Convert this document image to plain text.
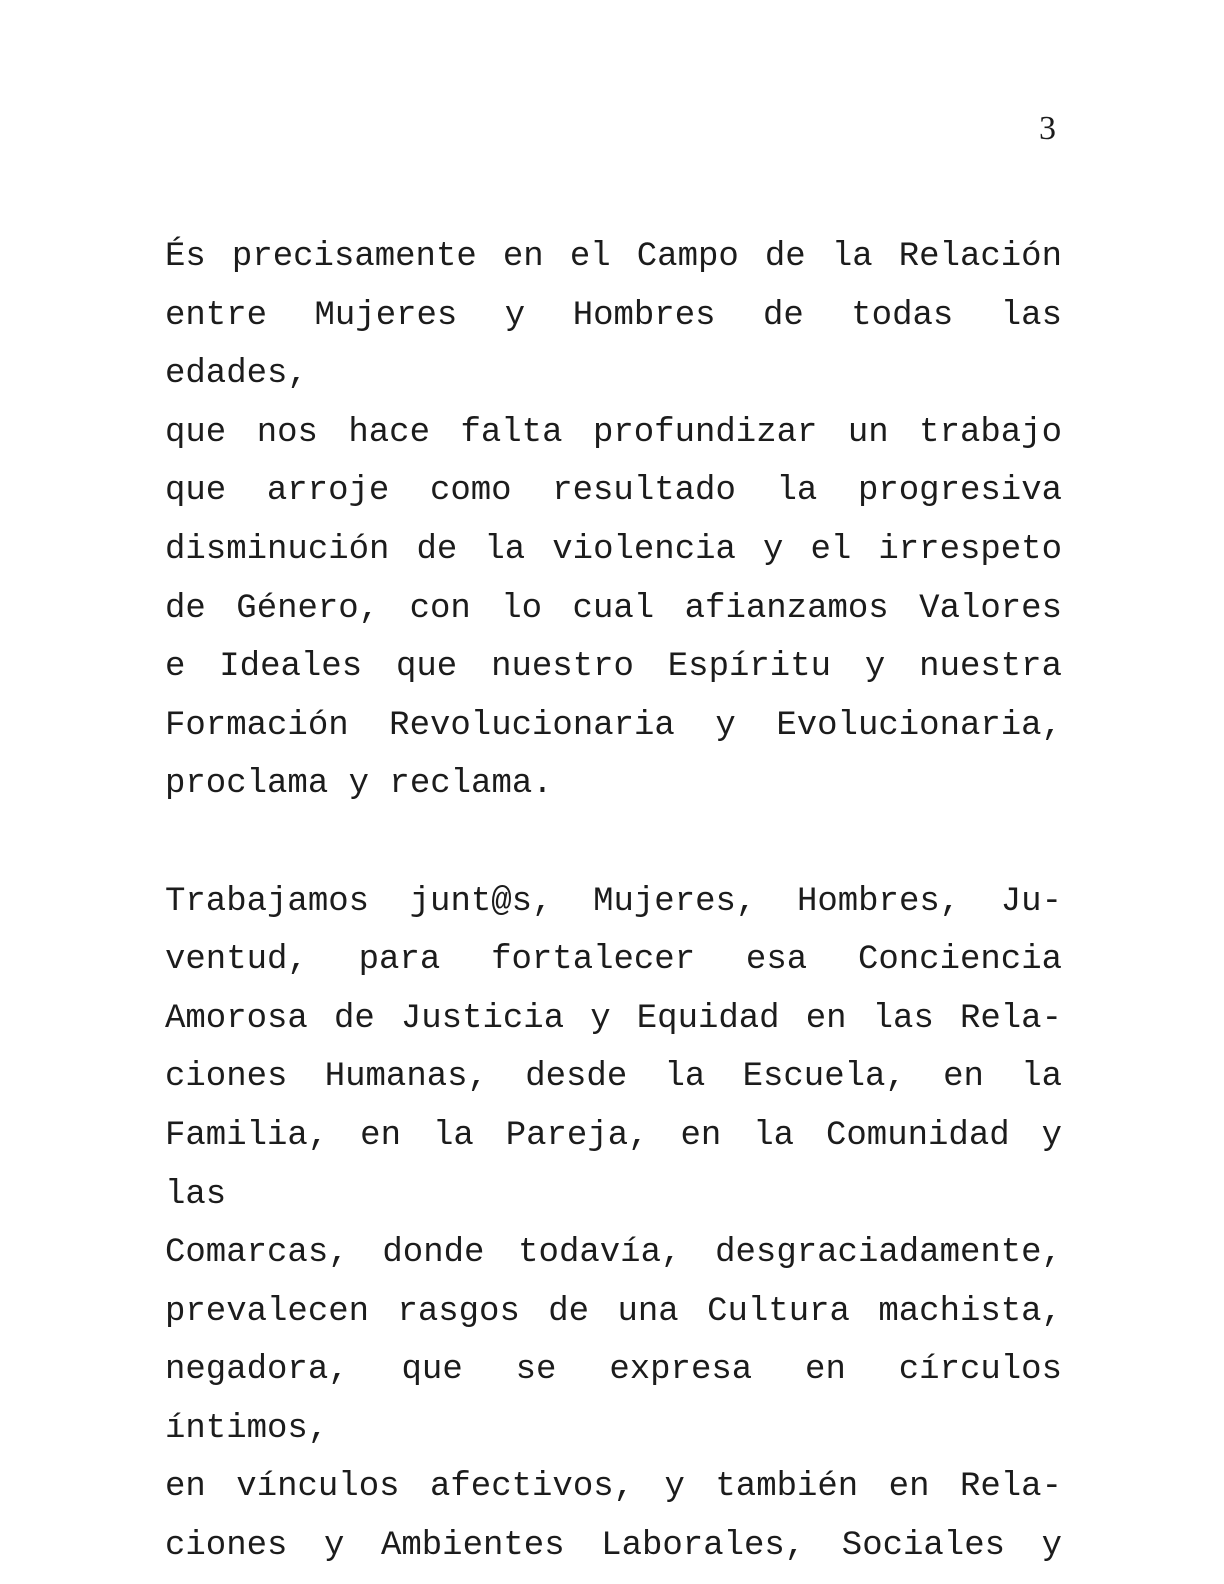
3
És precisamente en el Campo de la Relación
entre Mujeres y Hombres de todas las edades,
que nos hace falta profundizar un trabajo
que arroje como resultado la progresiva
disminución de la violencia y el irrespeto
de Género, con lo cual afianzamos Valores
e Ideales que nuestro Espíritu y nuestra
Formación Revolucionaria y Evolucionaria,
proclama y reclama.
Trabajamos junt@s, Mujeres, Hombres, Ju-
ventud, para fortalecer esa Conciencia
Amorosa de Justicia y Equidad en las Rela-
ciones Humanas, desde la Escuela, en la
Familia, en la Pareja, en la Comunidad y las
Comarcas, donde todavía, desgraciadamente,
prevalecen rasgos de una Cultura machista,
negadora, que se expresa en círculos íntimos,
en vínculos afectivos, y también en Rela-
ciones y Ambientes Laborales, Sociales y
